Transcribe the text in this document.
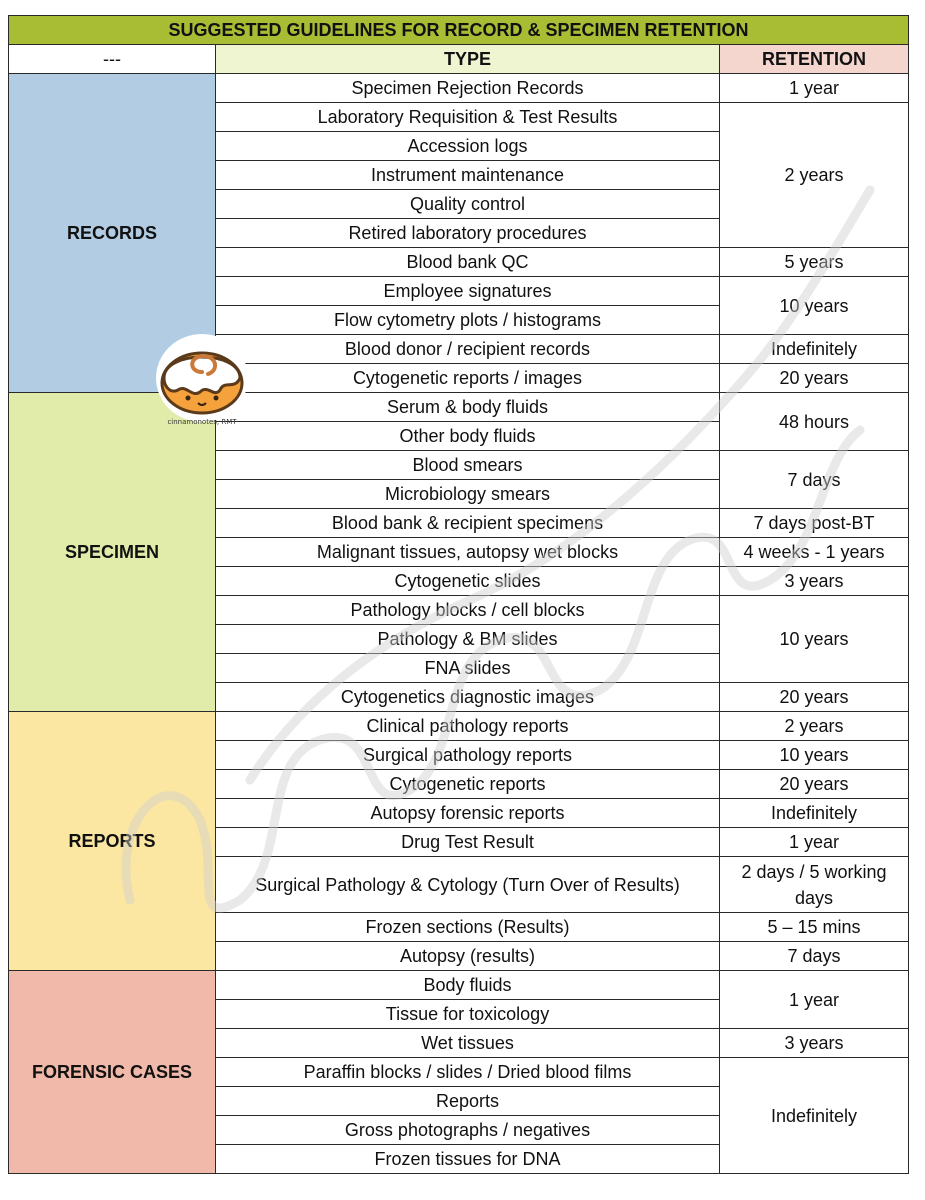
SUGGESTED GUIDELINES FOR RECORD & SPECIMEN RETENTION		
---	TYPE	RETENTION
RECORDS	Specimen Rejection Records	1 year
	Laboratory Requisition & Test Results	2 years
	Accession logs	
	Instrument maintenance	
	Quality control	
	Retired laboratory procedures	
	Blood bank QC	5 years
	Employee signatures	10 years
	Flow cytometry plots / histograms	
	Blood donor / recipient records	Indefinitely
	Cytogenetic reports / images	20 years
SPECIMEN	Serum & body fluids	48 hours
	Other body fluids	
	Blood smears	7 days
	Microbiology smears	
	Blood bank & recipient specimens	7 days post-BT
	Malignant tissues, autopsy wet blocks	4 weeks - 1 years
	Cytogenetic slides	3 years
	Pathology blocks / cell blocks	10 years
	Pathology & BM slides	
	FNA slides	
	Cytogenetics diagnostic images	20 years
REPORTS	Clinical pathology reports	2 years
	Surgical pathology reports	10 years
	Cytogenetic reports	20 years
	Autopsy forensic reports	Indefinitely
	Drug Test Result	1 year
	Surgical Pathology & Cytology (Turn Over of Results)	2 days / 5 working days
	Frozen sections (Results)	5 – 15 mins
	Autopsy (results)	7 days
FORENSIC CASES	Body fluids	1 year
	Tissue for toxicology	
	Wet tissues	3 years
	Paraffin blocks / slides / Dried blood films	Indefinitely
	Reports	
	Gross photographs / negatives	
	Frozen tissues for DNA	
cinnamonotes, RMT
